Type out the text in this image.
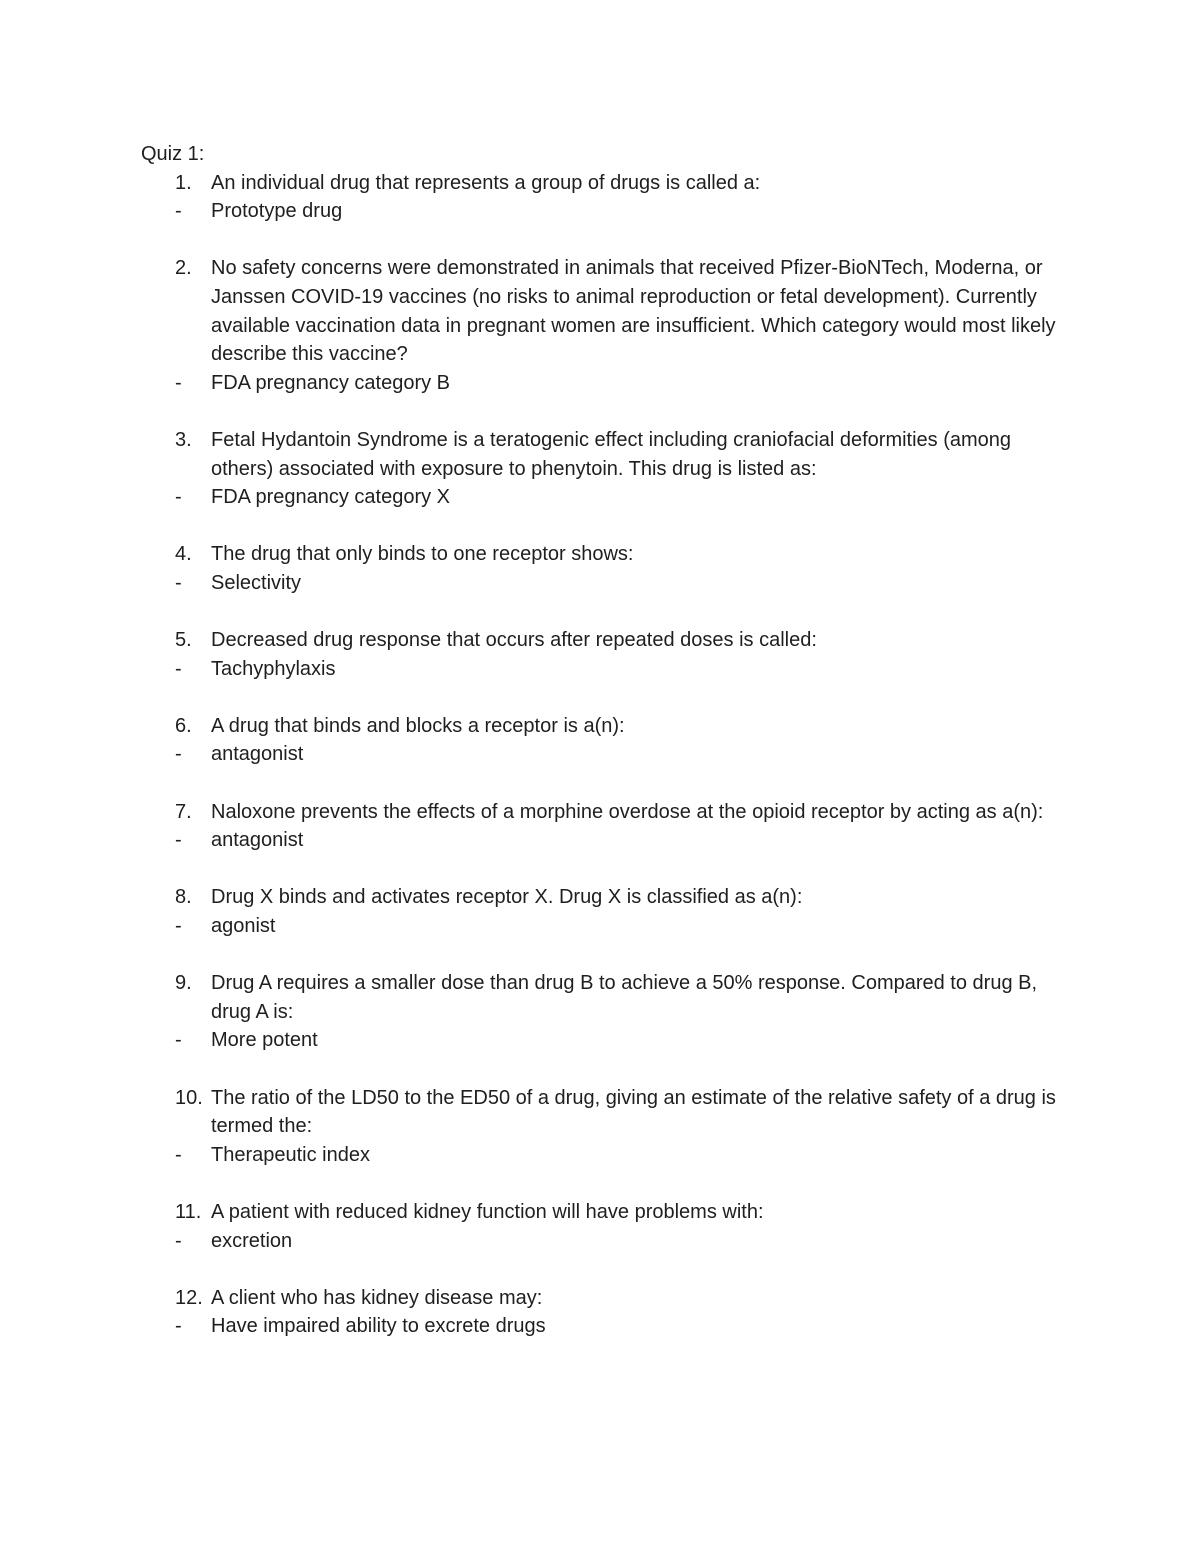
Quiz 1:
1. An individual drug that represents a group of drugs is called a:
-	Prototype drug
2. No safety concerns were demonstrated in animals that received Pfizer-BioNTech, Moderna, or Janssen COVID-19 vaccines (no risks to animal reproduction or fetal development). Currently available vaccination data in pregnant women are insufficient. Which category would most likely describe this vaccine?
-	FDA pregnancy category B
3. Fetal Hydantoin Syndrome is a teratogenic effect including craniofacial deformities (among others) associated with exposure to phenytoin. This drug is listed as:
-	FDA pregnancy category X
4. The drug that only binds to one receptor shows:
-	Selectivity
5. Decreased drug response that occurs after repeated doses is called:
-	Tachyphylaxis
6. A drug that binds and blocks a receptor is a(n):
-	antagonist
7. Naloxone prevents the effects of a morphine overdose at the opioid receptor by acting as a(n):
-	antagonist
8. Drug X binds and activates receptor X. Drug X is classified as a(n):
-	agonist
9. Drug A requires a smaller dose than drug B to achieve a 50% response. Compared to drug B, drug A is:
-	More potent
10. The ratio of the LD50 to the ED50 of a drug, giving an estimate of the relative safety of a drug is termed the:
-	Therapeutic index
11. A patient with reduced kidney function will have problems with:
-	excretion
12. A client who has kidney disease may:
-	Have impaired ability to excrete drugs
